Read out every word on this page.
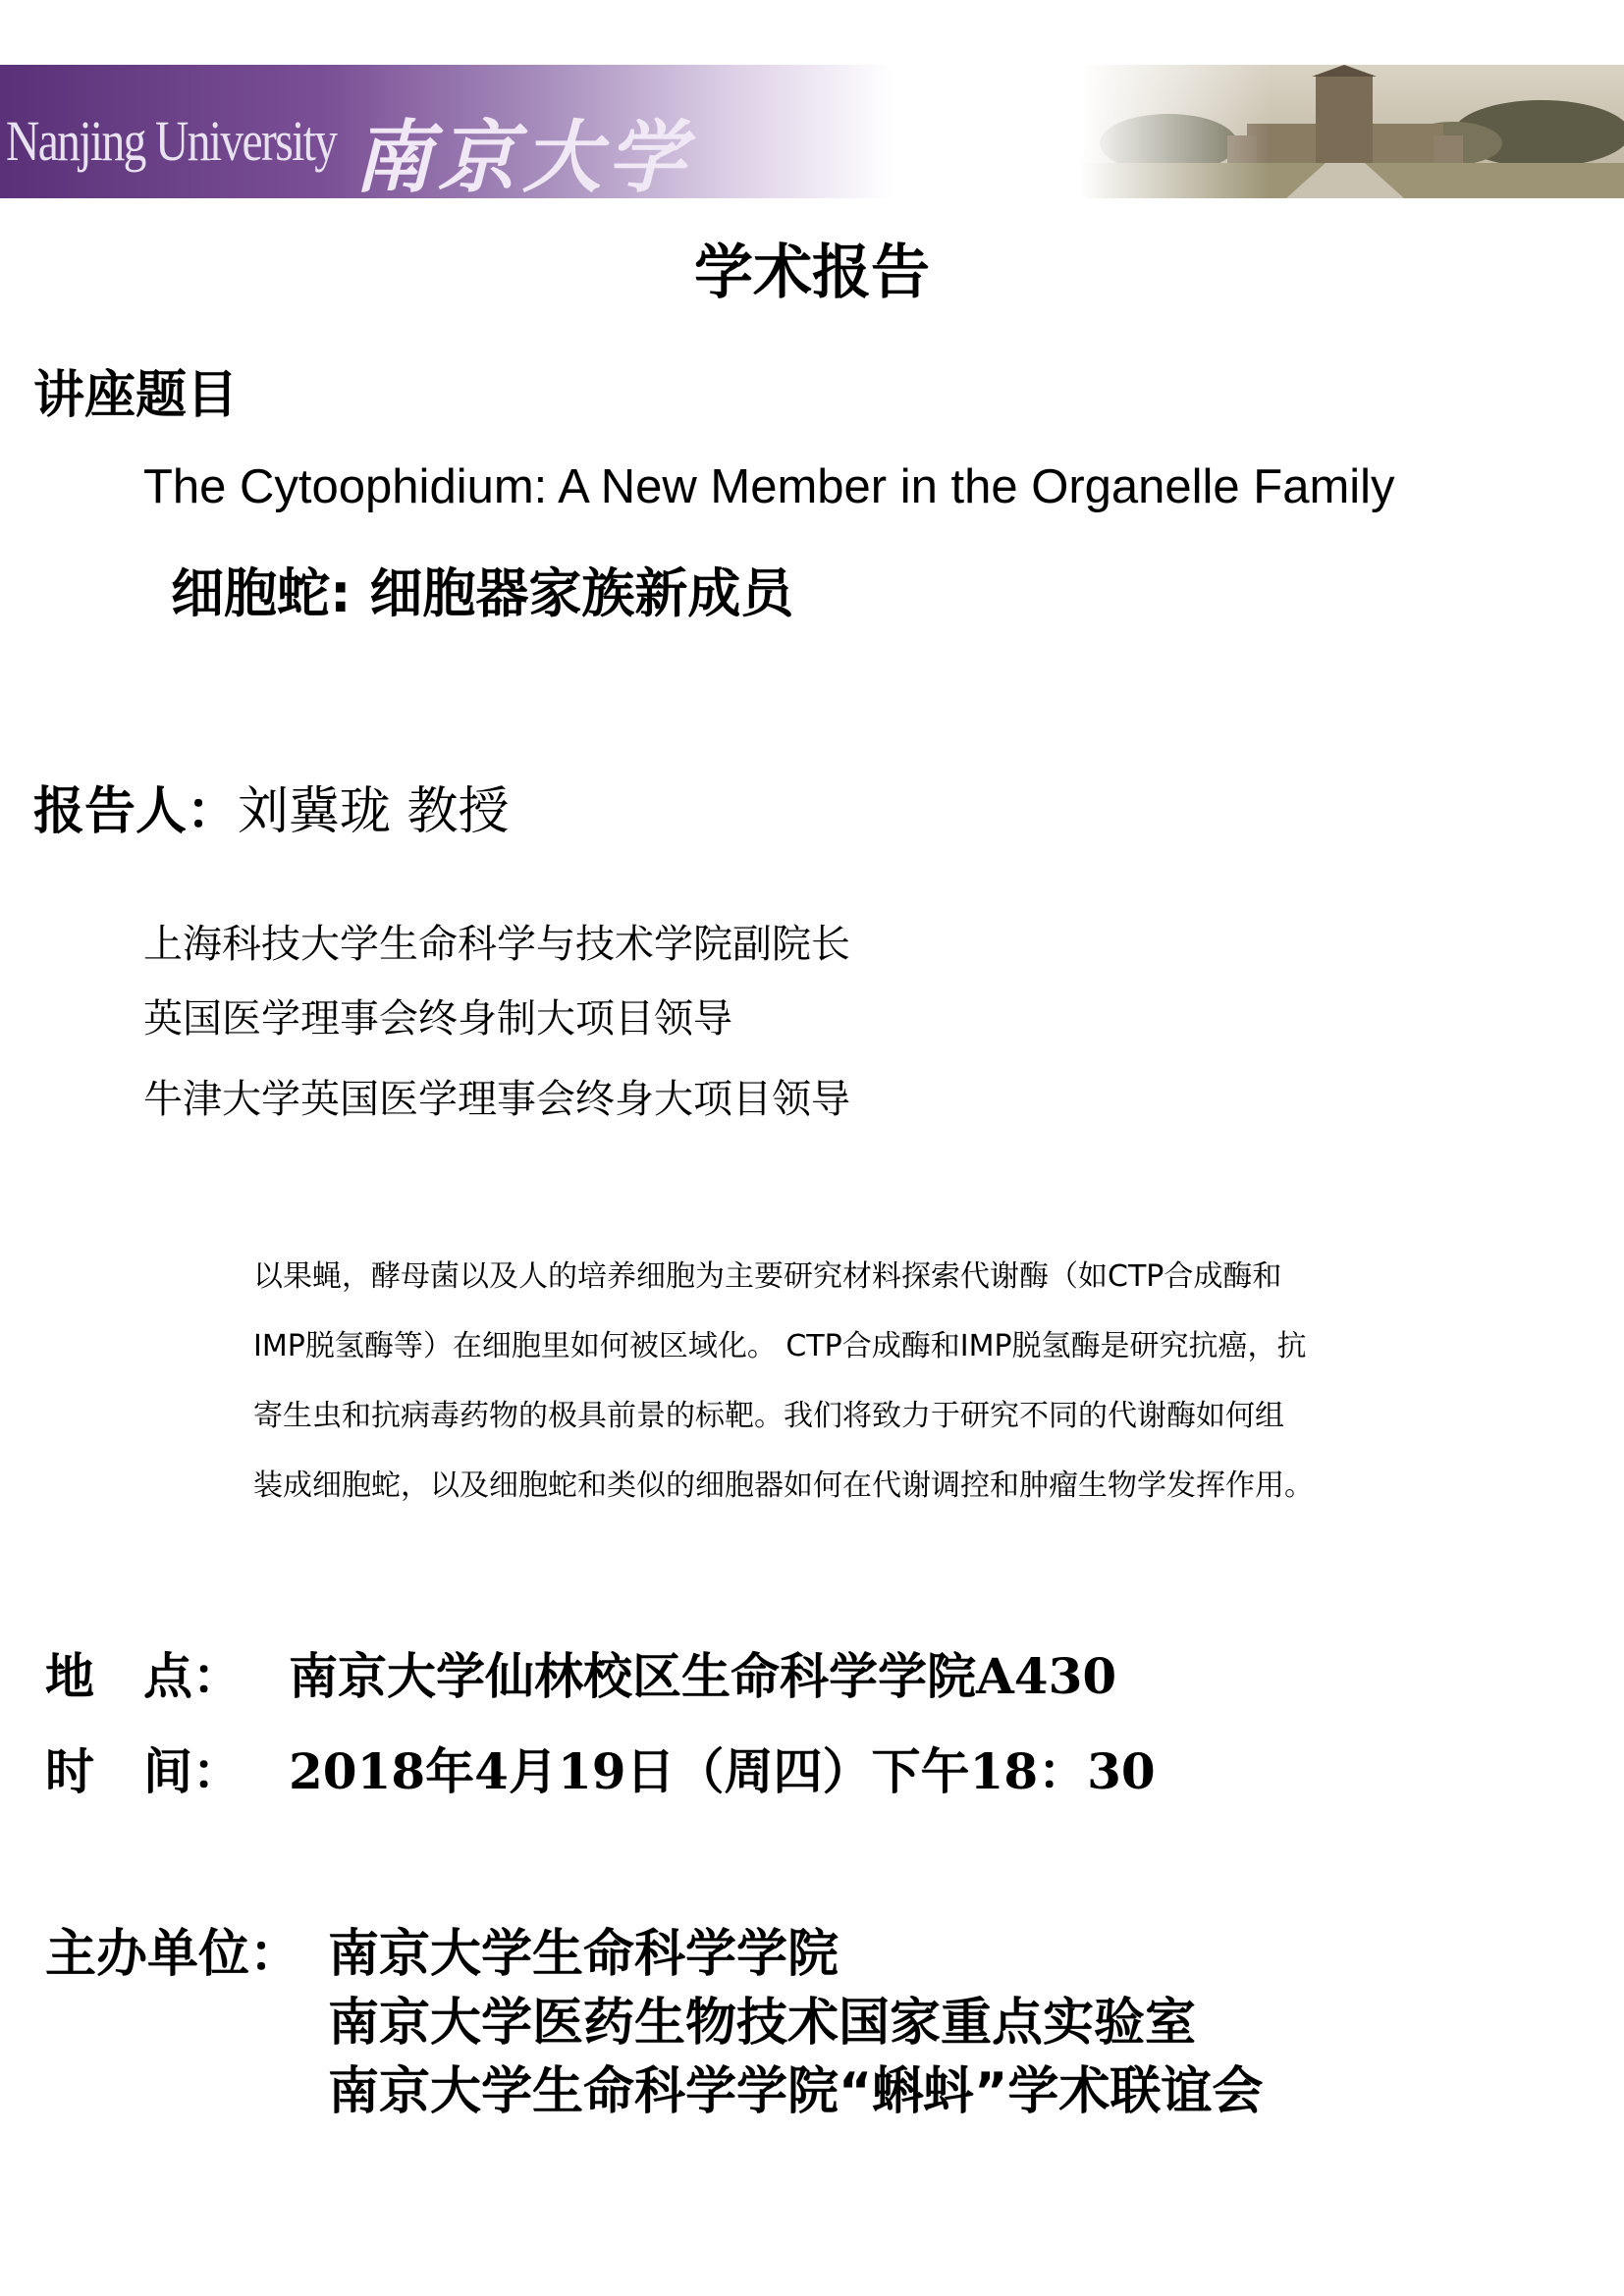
Nanjing University 南京大学
学术报告
讲座题目
The Cytoophidium: A New Member in the Organelle Family
细胞蛇: 细胞器家族新成员
报告人：刘冀珑 教授
上海科技大学生命科学与技术学院副院长
英国医学理事会终身制大项目领导
牛津大学英国医学理事会终身大项目领导
以果蝇，酵母菌以及人的培养细胞为主要研究材料探索代谢酶（如CTP合成酶和
IMP脱氢酶等）在细胞里如何被区域化。 CTP合成酶和IMP脱氢酶是研究抗癌，抗
寄生虫和抗病毒药物的极具前景的标靶。我们将致力于研究不同的代谢酶如何组
装成细胞蛇，以及细胞蛇和类似的细胞器如何在代谢调控和肿瘤生物学发挥作用。
地　点： 南京大学仙林校区生命科学学院A430
时　间： 2018年4月19日（周四）下午18：30
主办单位： 南京大学生命科学学院
南京大学医药生物技术国家重点实验室
南京大学生命科学学院“蝌蚪”学术联谊会
